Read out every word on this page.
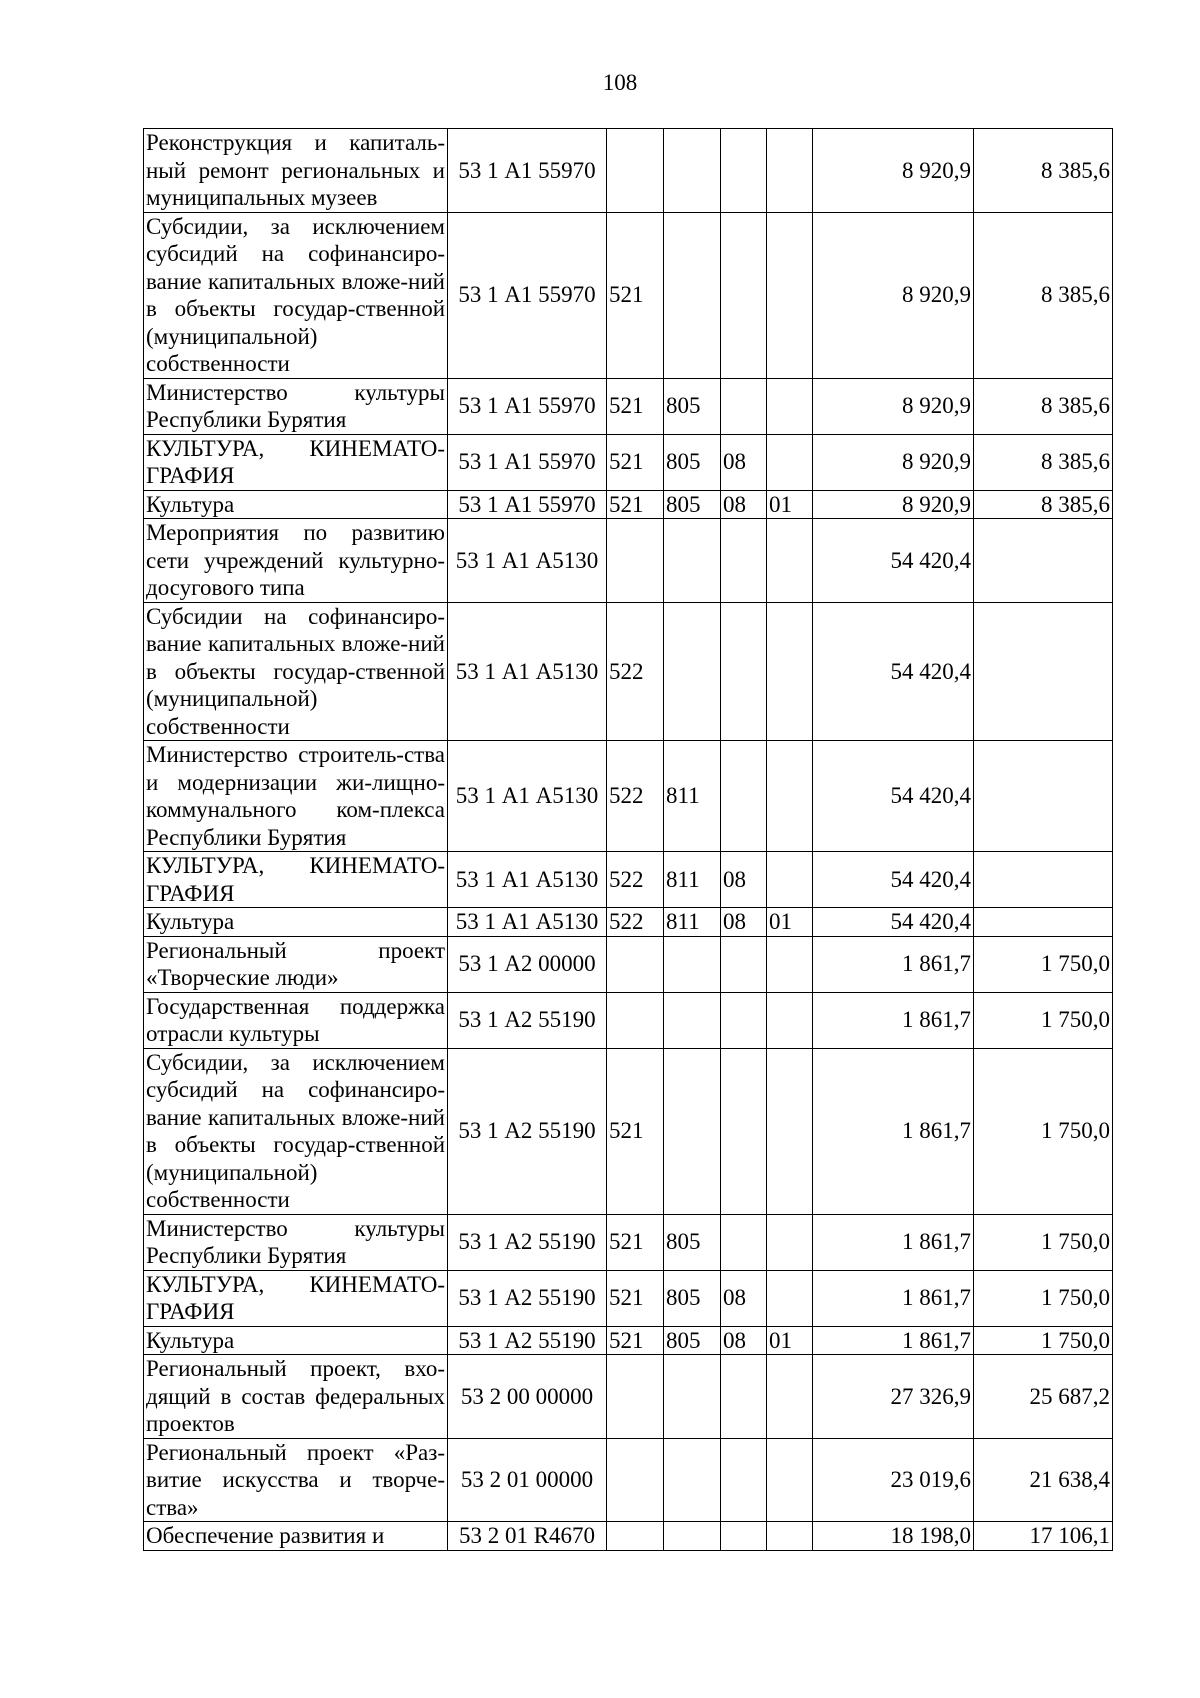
108
Реконструкция и капиталь-ный ремонт региональных и муниципальных музеев	53 1 А1 55970					8 920,9	8 385,6
Субсидии, за исключением субсидий на софинансиро-вание капитальных вложе-ний в объекты государ-ственной (муниципальной) собственности	53 1 А1 55970	521				8 920,9	8 385,6
Министерство культуры Республики Бурятия	53 1 А1 55970	521	805			8 920,9	8 385,6
КУЛЬТУРА, КИНЕМАТО-ГРАФИЯ	53 1 А1 55970	521	805	08		8 920,9	8 385,6
Культура	53 1 А1 55970	521	805	08	01	8 920,9	8 385,6
Мероприятия по развитию сети учреждений культурно-досугового типа	53 1 А1 А5130					54 420,4	
Субсидии на софинансиро-вание капитальных вложе-ний в объекты государ-ственной (муниципальной) собственности	53 1 А1 А5130	522				54 420,4	
Министерство строитель-ства и модернизации жи-лищно-коммунального ком-плекса Республики Бурятия	53 1 А1 А5130	522	811			54 420,4	
КУЛЬТУРА, КИНЕМАТО-ГРАФИЯ	53 1 А1 А5130	522	811	08		54 420,4	
Культура	53 1 А1 А5130	522	811	08	01	54 420,4	
Региональный проект «Творческие люди»	53 1 А2 00000					1 861,7	1 750,0
Государственная поддержка отрасли культуры	53 1 А2 55190					1 861,7	1 750,0
Субсидии, за исключением субсидий на софинансиро-вание капитальных вложе-ний в объекты государ-ственной (муниципальной) собственности	53 1 А2 55190	521				1 861,7	1 750,0
Министерство культуры Республики Бурятия	53 1 А2 55190	521	805			1 861,7	1 750,0
КУЛЬТУРА, КИНЕМАТО-ГРАФИЯ	53 1 А2 55190	521	805	08		1 861,7	1 750,0
Культура	53 1 А2 55190	521	805	08	01	1 861,7	1 750,0
Региональный проект, вхо-дящий в состав федеральных проектов	53 2 00 00000					27 326,9	25 687,2
Региональный проект «Раз-витие искусства и творче-ства»	53 2 01 00000					23 019,6	21 638,4
Обеспечение развития и	53 2 01 R4670					18 198,0	17 106,1
